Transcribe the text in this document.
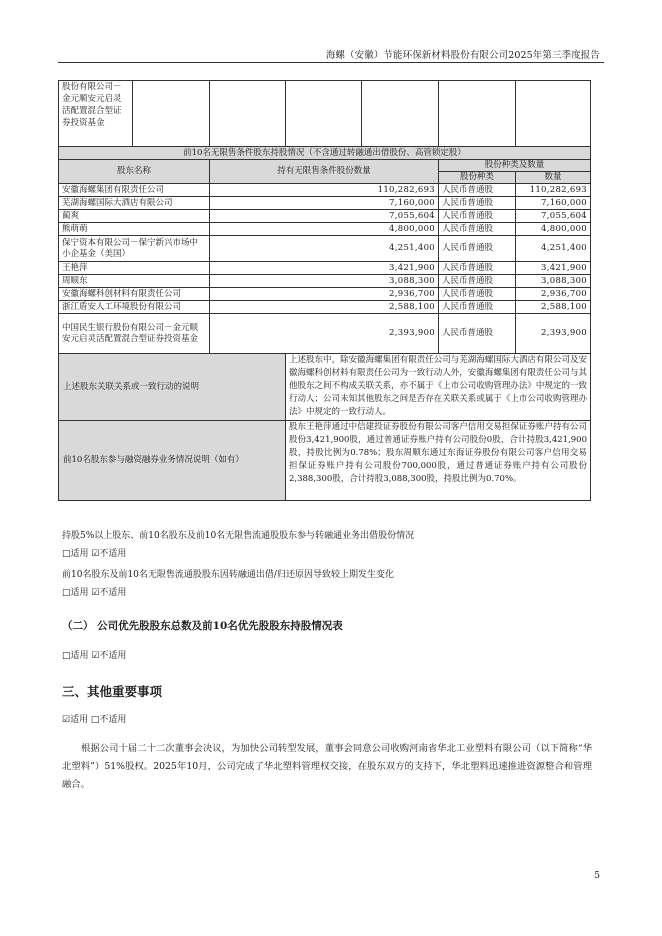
海螺（安徽）节能环保新材料股份有限公司2025年第三季度报告
股份有限公司－金元顺安元启灵活配置混合型证券投资基金						
前10名无限售条件股东持股情况（不含通过转融通出借股份、高管锁定股）						
股东名称		持有无限售条件股份数量			股份种类及数量	
					股份种类	数量
安徽海螺集团有限责任公司		110,282,693			人民币普通股	110,282,693
芜湖海螺国际大酒店有限公司		7,160,000			人民币普通股	7,160,000
蔺爽		7,055,604			人民币普通股	7,055,604
熊萌萌		4,800,000			人民币普通股	4,800,000
保宁资本有限公司－保宁新兴市场中小企基金（美国）		4,251,400			人民币普通股	4,251,400
王艳萍		3,421,900			人民币普通股	3,421,900
周顺东		3,088,300			人民币普通股	3,088,300
安徽海螺科创材料有限责任公司		2,936,700			人民币普通股	2,936,700
浙江盾安人工环境股份有限公司		2,588,100			人民币普通股	2,588,100
中国民生银行股份有限公司－金元顺安元启灵活配置混合型证券投资基金		2,393,900			人民币普通股	2,393,900
上述股东关联关系或一致行动的说明			上述股东中，除安徽海螺集团有限责任公司与芜湖海螺国际大酒店有限公司及安徽海螺科创材料有限责任公司为一致行动人外，安徽海螺集团有限责任公司与其他股东之间不构成关联关系，亦不属于《上市公司收购管理办法》中规定的一致行动人；公司未知其他股东之间是否存在关联关系或属于《上市公司收购管理办法》中规定的一致行动人。			
前10名股东参与融资融券业务情况说明（如有）			股东王艳萍通过中信建投证券股份有限公司客户信用交易担保证券账户持有公司股份3,421,900股，通过普通证券账户持有公司股份0股，合计持股3,421,900股，持股比例为0.78%；股东周顺东通过东海证券股份有限公司客户信用交易担保证券账户持有公司股份700,000股，通过普通证券账户持有公司股份2,388,300股，合计持股3,088,300股，持股比例为0.70%。			
持股5%以上股东、前10名股东及前10名无限售流通股股东参与转融通业务出借股份情况
□适用 ☑不适用
前10名股东及前10名无限售流通股股东因转融通出借/归还原因导致较上期发生变化
□适用 ☑不适用
（二） 公司优先股股东总数及前10名优先股股东持股情况表
□适用 ☑不适用
三、其他重要事项
☑适用 □不适用
根据公司十届二十二次董事会决议，为加快公司转型发展，董事会同意公司收购河南省华北工业塑料有限公司（以下简称“华北塑料”）51%股权。2025年10月，公司完成了华北塑料管理权交接，在股东双方的支持下，华北塑料迅速推进资源整合和管理融合。
5
